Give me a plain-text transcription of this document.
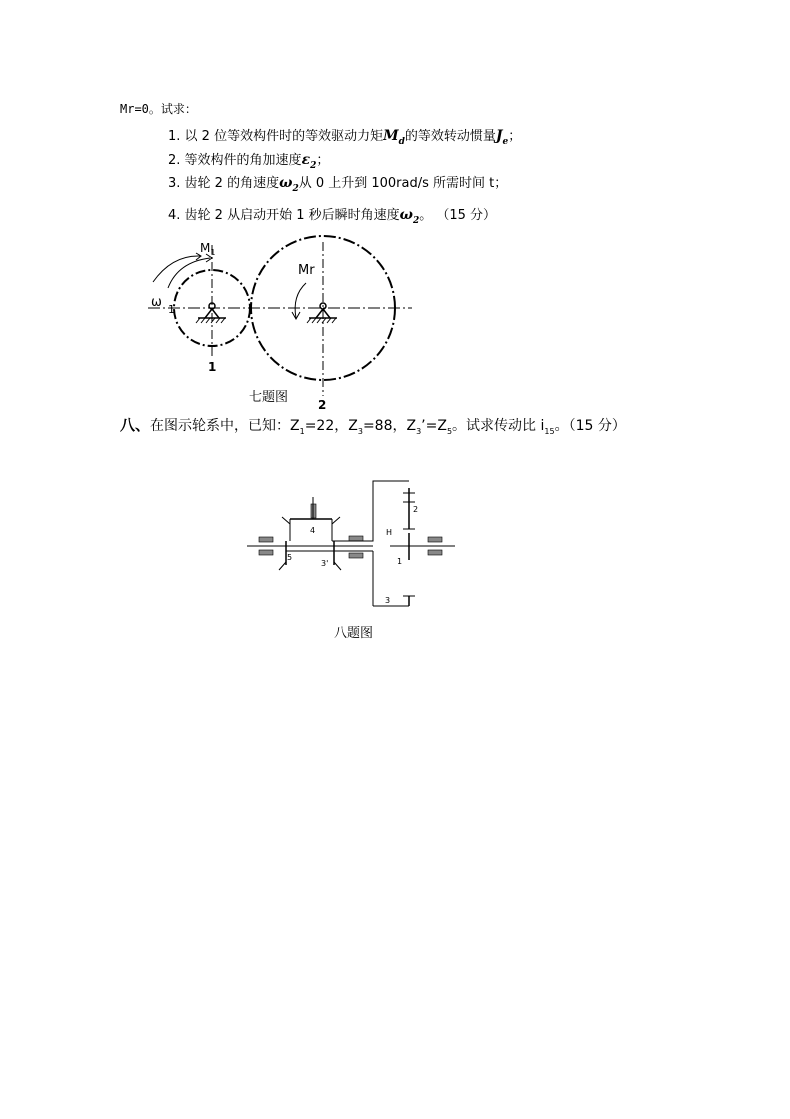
Mr=0。试求：
1. 以 2 位等效构件时的等效驱动力矩$M_d$的等效转动惯量$J_e$；
2. 等效构件的角加速度$\varepsilon_2$；
3. 齿轮 2 的角速度$\omega_2$从 0 上升到 100rad/s 所需时间 t；
4. 齿轮 2 从启动开始 1 秒后瞬时角速度$\omega_2$。 （15 分）
$M_1$
Mr
ω 1
1
2
七题图
八、在图示轮系中，已知：$Z_1=22$，$Z_3=88$，$Z_3’=Z_5$。试求传动比 $i_{15}$。（15 分）
4
2
H
5
3'	1
3
八题图
